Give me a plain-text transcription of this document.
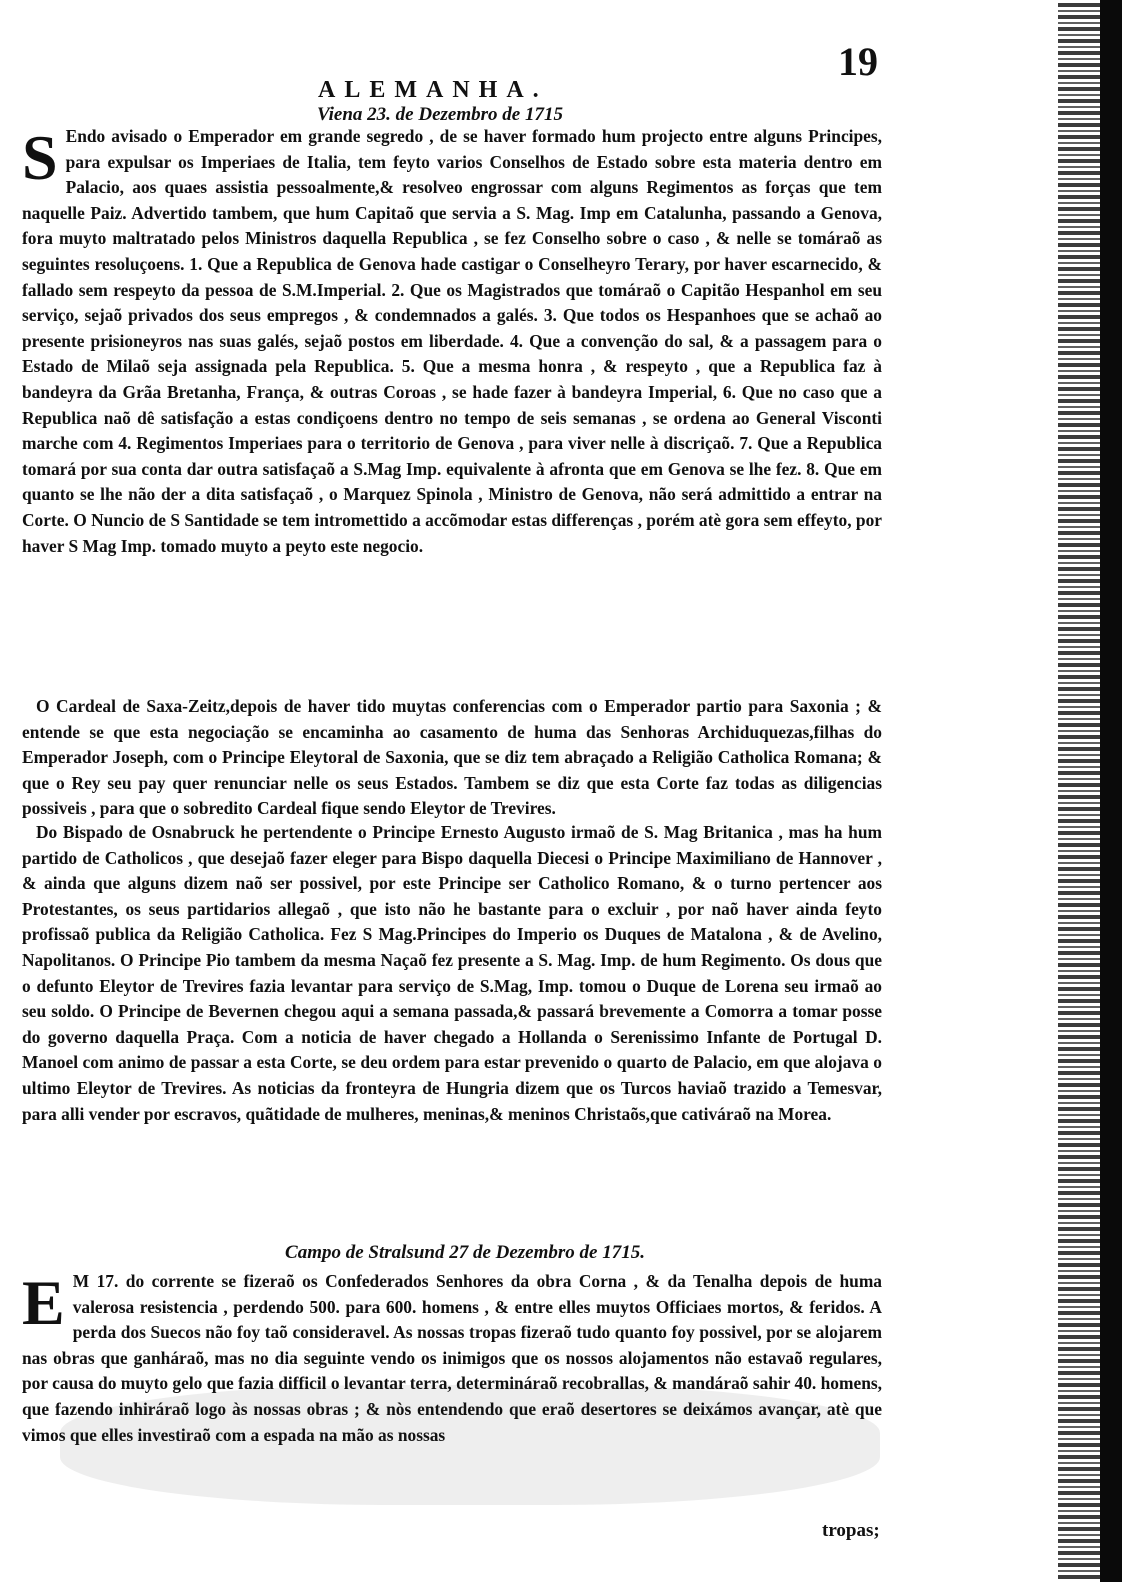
19
ALEMANHA.
Viena 23. de Dezembro de 1715

S Endo avisado o Emperador em grande segredo , de se haver formado hum projecto entre alguns Principes, para expulsar os Imperiaes de Italia, tem feyto varios Conselhos de Estado sobre esta materia dentro em Palacio, aos quaes assistia pessoalmente,& resolveo engrossar com alguns Regimentos as forças que tem naquelle Paiz. Advertido tambem, que hum Capitaõ que servia a S. Mag. Imp em Catalunha, passando a Genova, fora muyto maltratado pelos Ministros daquella Republica , se fez Conselho sobre o caso , & nelle se tomáraõ as seguintes resoluçoens. 1. Que a Republica de Genova hade castigar o Conselheyro Terary, por haver escarnecido, & fallado sem respeyto da pessoa de S.M.Imperial. 2. Que os Magistrados que tomáraõ o Capitão Hespanhol em seu serviço, sejaõ privados dos seus empregos , & condemnados a galés. 3. Que todos os Hespanhoes que se achaõ ao presente prisioneyros nas suas galés, sejaõ postos em liberdade. 4. Que a convenção do sal, & a passagem para o Estado de Milaõ seja assignada pela Republica. 5. Que a mesma honra , & respeyto , que a Republica faz à bandeyra da Grãa Bretanha, França, & outras Coroas , se hade fazer à bandeyra Imperial, 6. Que no caso que a Republica naõ dê satisfação a estas condiçoens dentro no tempo de seis semanas , se ordena ao General Visconti marche com 4. Regimentos Imperiaes para o territorio de Genova , para viver nelle à discriçaõ. 7. Que a Republica tomará por sua conta dar outra satisfaçaõ a S.Mag Imp. equivalente à afronta que em Genova se lhe fez. 8. Que em quanto se lhe não der a dita satisfaçaõ , o Marquez Spinola , Ministro de Genova, não será admittido a entrar na Corte. O Nuncio de S Santidade se tem intromettido a accõmodar estas differenças , porém atè gora sem effeyto, por haver S Mag Imp. tomado muyto a peyto este negocio.

O Cardeal de Saxa-Zeitz,depois de haver tido muytas conferencias com o Emperador partio para Saxonia ; & entende se que esta negociação se encaminha ao casamento de huma das Senhoras Archiduquezas,filhas do Emperador Joseph, com o Principe Eleytoral de Saxonia, que se diz tem abraçado a Religião Catholica Romana; & que o Rey seu pay quer renunciar nelle os seus Estados. Tambem se diz que esta Corte faz todas as diligencias possiveis , para que o sobredito Cardeal fique sendo Eleytor de Trevires.

Do Bispado de Osnabruck he pertendente o Principe Ernesto Augusto irmaõ de S. Mag Britanica , mas ha hum partido de Catholicos , que desejaõ fazer eleger para Bispo daquella Diecesi o Principe Maximiliano de Hannover , & ainda que alguns dizem naõ ser possivel, por este Principe ser Catholico Romano, & o turno pertencer aos Protestantes, os seus partidarios allegaõ , que isto não he bastante para o excluir , por naõ haver ainda feyto profissaõ publica da Religião Catholica. Fez S Mag.Principes do Imperio os Duques de Matalona , & de Avelino, Napolitanos. O Principe Pio tambem da mesma Naçaõ fez presente a S. Mag. Imp. de hum Regimento. Os dous que o defunto Eleytor de Trevires fazia levantar para serviço de S.Mag, Imp. tomou o Duque de Lorena seu irmaõ ao seu soldo. O Principe de Bevernen chegou aqui a semana passada,& passará brevemente a Comorra a tomar posse do governo daquella Praça. Com a noticia de haver chegado a Hollanda o Serenissimo Infante de Portugal D. Manoel com animo de passar a esta Corte, se deu ordem para estar prevenido o quarto de Palacio, em que alojava o ultimo Eleytor de Trevires. As noticias da fronteyra de Hungria dizem que os Turcos haviaõ trazido a Temesvar, para alli vender por escravos, quãtidade de mulheres, meninas,& meninos Christaõs,que cativáraõ na Morea.

Campo de Stralsund 27 de Dezembro de 1715.

E M 17. do corrente se fizeraõ os Confederados Senhores da obra Corna , & da Tenalha depois de huma valerosa resistencia , perdendo 500. para 600. homens , & entre elles muytos Officiaes mortos, & feridos. A perda dos Suecos não foy taõ consideravel. As nossas tropas fizeraõ tudo quanto foy possivel, por se alojarem nas obras que ganháraõ, mas no dia seguinte vendo os inimigos que os nossos alojamentos não estavaõ regulares, por causa do muyto gelo que fazia difficil o levantar terra, determináraõ recobrallas, & mandáraõ sahir 40. homens, que fazendo inhiráraõ logo às nossas obras ; & nòs entendendo que eraõ desertores se deixámos avançar, atè que vimos que elles investiraõ com a espada na mão as nossas

tropas;
